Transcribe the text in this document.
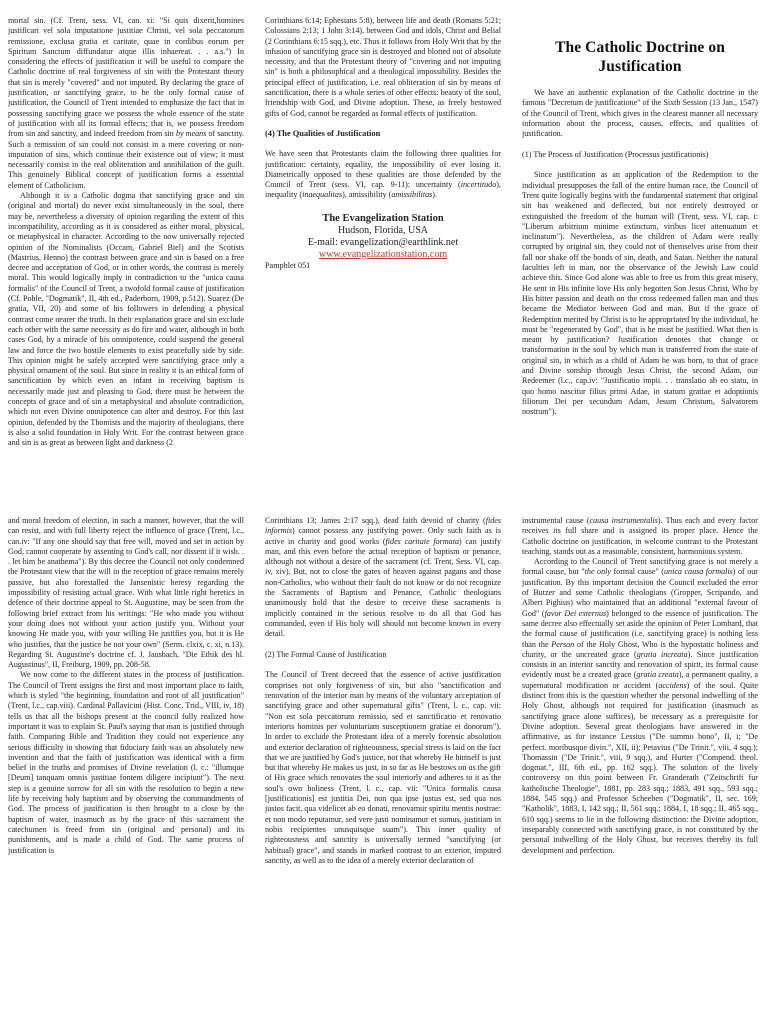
mortal sin. (Cf. Trent, sess. VI, can. xi: "Si quis dixerit,homines justificari vel sola imputatione justitiae Christi, vel sola peccatorum remissione, exclusa gratia et caritate, quae in cordibus eorum per Spiritum Sanctum diffundatur atque illis inhaereat. . . a.s.") In considering the effects of justification it will be useful to compare the Catholic doctrine of real forgiveness of sin with the Protestant theory that sin is merely "covered" and not imputed. By declaring the grace of justification, or sanctifying grace, to be the only formal cause of justification, the Council of Trent intended to emphasize the fact that in possessing sanctifying grace we possess the whole essence of the state of justification with all its formal effects; that is, we possess freedom from sin and sanctity, and indeed freedom from sin by means of sanctity. Such a remission of sin could not consist in a mere covering or non-imputation of sins, which continue their existence out of view; it must necessarily consist in the real obliteration and annihilation of the guilt. This genuinely Biblical concept of justification forms a essential element of Catholicism.

Although it is a Catholic dogma that sanctifying grace and sin (original and mortal) do never exist simultaneously in the soul, there may be, nevertheless a diversity of opinion regarding the extent of this incompatibility, according as it is considered as either moral, physical, or metaphysical in character. According to the now universally rejected opinion of the Nominalists (Occam, Gabriel Biel) and the Scotists (Mastrius, Henno) the contrast between grace and sin is based on a free decree and acceptation of God, or in other words, the contrast is merely moral. This would logically imply in contradiction to the "unica causa formalis" of the Council of Trent, a twofold formal cause of justification (Cf. Pohle, "Dogmatik", II, 4th ed., Paderborn, 1909, p.512). Suarez (De gratia, VII, 20) and some of his followers in defending a physical contrast come nearer the truth. In their explanation grace and sin exclude each other with the same necessity as do fire and water, although in both cases God, by a miracle of his omnipotence, could suspend the general law and force the two hostile elements to exist peacefully side by side. This opinion might be safely accepted were sanctifying grace only a physical ornament of the soul. But since in reality it is an ethical form of sanctification by which even an infant in receiving baptism is necessarily made just and pleasing to God, there must be between the concepts of grace and of sin a metaphysical and absolute contradiction, which not even Divine omnipotence can alter and destroy. For this last opinion, defended by the Thomists and the majority of theologians, there is also a solid foundation in Holy Writ. For the contrast between grace and sin is as great as between light and darkness (2

Corinthians 6:14; Ephesians 5:8), between life and death (Romans 5:21; Colossians 2:13; 1 John 3:14), between God and idols, Christ and Belial (2 Corinthians 6:15 sqq.), etc. Thus it follows from Holy Writ that by the infusion of sanctifying grace sin is destroyed and blotted out of absolute necessity, and that the Protestant theory of "covering and not imputing sin" is both a philosophical and a theological impossibility. Besides the principal effect of justification, i.e. real obliteration of sin by means of sanctification, there is a whole series of other effects: beauty of the soul, friendship with God, and Divine adoption. These, as freely bestowed gifts of God, cannot be regarded as formal effects of justification.

(4) The Qualities of Justification

We have seen that Protestants claim the following three qualities for justification: certainty, equality, the impossibility of ever losing it. Diametrically opposed to these qualities are those defended by the Council of Trent (sess. VI, cap. 9-11): uncertainty (incertitudo), inequality (inaequalitas), amissibility (amissibilitas).

The Evangelization Station
Hudson, Florida, USA
E-mail: evangelization@earthlink.net
www.evangelizationstation.com

Pamphlet 051

The Catholic Doctrine on Justification

We have an authentic explanation of the Catholic doctrine in the famous "Decretum de justificatione" of the Sixth Session (13 Jan., 1547) of the Council of Trent, which gives in the clearest manner all necessary information about the process, causes, effects, and qualities of justification.

(1) The Process of Justification (Processus justificationis)

Since justification as an application of the Redemption to the individual presupposes the fall of the entire human race, the Council of Trent quite logically begins with the fundamental statement that original sin has weakened and deflected, but not entirely destroyed or extinguished the freedom of the human will (Trent, sess. VI, cap. i: "Liberum arbitrium minime extinctum, viribus licet attenuatum et inclinatum"). Nevertheless, as the children of Adam were really corrupted by original sin, they could not of themselves arise from their fall nor shake off the bonds of sin, death, and Satan. Neither the natural faculties left in man, nor the observance of the Jewish Law could achieve this. Since God alone was able to free us from this great misery, He sent in His infinite love His only begotten Son Jesus Christ, Who by His bitter passion and death on the cross redeemed fallen man and thus became the Mediator between God and man. But if the grace of Redemption merited by Christ is to be appropriated by the individual, he must be "regenerated by God", that is he must be justified. What then is meant by justification? Justification denotes that change or transformation in the soul by which man is transferred from the state of original sin, in which as a child of Adam he was born, to that of grace and Divine sonship through Jesus Christ, the second Adam, our Redeemer (l.c., cap.iv: "Justificatio impii. . . translatio ab eo statu, in quo homo nascitur filius primi Adae, in statum gratiae et adoptionis filiorum Dei per secundum Adam, Jesum Christum, Salvatorem nostrum").

and moral freedom of election, in such a manner, however, that the will can resist, and with full liberty reject the influence of grace (Trent, l.c., can.iv: "If any one should say that free will, moved and set in action by God, cannot cooperate by assenting to God's call, nor dissent if it wish. . . let him be anathema"). By this decree the Council not only condemned the Protestant view that the will in the reception of grace remains merely passive, but also forestalled the Jansenistic heresy regarding the impossibility of resisting actual grace. With what little right heretics in defence of their doctrine appeal to St. Augustine, may be seen from the following brief extract from his writings: "He who made you without your doing does not without your action justify you. Without your knowing He made you, with your willing He justifies you, but it is He who justifies, that the justice be not your own" (Serm. clxix, c. xi, n.13). Regarding St. Augustine's doctrine cf. J. Jausbach, "Die Ethik des hl. Augustinus", II, Freiburg, 1909, pp. 208-58.

We now come to the different states in the process of justification. The Council of Trent assigns the first and most important place to faith, which is styled "the beginning, foundation and root of all justification" (Trent, l.c., cap.viii). Cardinal Pallavicini (Hist. Conc. Trid., VIII, iv, 18) tells us that all the bishops present at the council fully realized how important it was to explain St. Paul's saying that man is justified through faith. Comparing Bible and Tradition they could not experience any serious difficulty in showing that fiduciary faith was an absolutely new invention and that the faith of justification was identical with a firm belief in the truths and promises of Divine revelation (l. c.: "illumque [Deum] tanquam omnis justitiae fontem diligere incipiunt"). The next step is a genuine sorrow for all sin with the resolution to begin a new life by receiving holy baptism and by observing the commandments of God. The process of justification is then brought to a close by the baptism of water, inasmuch as by the grace of this sacrament the catechumen is freed from sin (original and personal) and its punishments, and is made a child of God. The same process of justification is

Corinthians 13; James 2:17 sqq.), dead faith devoid of charity (fides informis) cannot possess any justifying power. Only such faith as is active in charity and good works (fides caritate formata) can justify man, and this even before the actual reception of baptism or penance, although not without a desire of the sacrament (cf. Trent, Sess. VI, cap. iv, xiv). But, not to close the gates of heaven against pagans and those non-Catholics, who without their fault do not know or do not recognize the Sacraments of Baptism and Penance, Catholic theologians unanimously hold that the desire to receive these sacraments is implicitly contained in the serious resolve to do all that God has commanded, even if His holy will should not become known in every detail.

(2) The Formal Cause of Justification

The Council of Trent decreed that the essence of active justification comprises not only forgiveness of sin, but also "sanctification and renovation of the interior man by means of the voluntary acceptation of sanctifying grace and other supernatural gifts" (Trent, l. c., cap. vii: "Non est sola peccatorum remissio, sed et sanctificatio et renovatio interioris hominis per voluntariam susceptionem gratiae et donorum"). In order to exclude the Protestant idea of a merely forensic absolution and exterior declaration of righteousness, special stress is laid on the fact that we are justified by God's justice, not that whereby He himself is just but that whereby He makes us just, in so far as He bestows on us the gift of His grace which renovates the soul interiorly and adheres to it as the soul's own holiness (Trent, l. c., cap. vii: "Unica formalis causa [justificationis] est justitia Dei, non qua ipse justus est, sed qua nos justos facit, qua videlicet ab eo donati, renovamur spiritu mentis nostrae: et non modo reputamur, sed vere justi nominamur et sumus, justitiam in nobis recipientes unusquisque suam"). This inner quality of righteousness and sanctity is universally termed "sanctifying (or habitual) grace", and stands in marked contrast to an exterior, imputed sanctity, as well as to the idea of a merely exterior declaration of

instrumental cause (causa instrumentalis). Thus each and every factor receives its full share and is assigned its proper place. Hence the Catholic doctrine on justification, in welcome contrast to the Protestant teaching, stands out as a reasonable, consistent, harmonious system.

According to the Council of Trent sanctifying grace is not merely a formal cause, but "the only formal cause" (unica causa formalis) of our justification. By this important decision the Council excluded the error of Butzer and some Catholic theologians (Gropper, Scripando, and Albert Pighius) who maintained that an additional "external favour of God" (favor Dei externus) belonged to the essence of justification. The same decree also effectually set aside the opinion of Peter Lombard, that the formal cause of justification (i.e. sanctifying grace) is nothing less than the Person of the Holy Ghost, Who is the hypostatic holiness and charity, or the uncreated grace (gratia increata). Since justification consists in an interior sanctity and renovation of spirit, its formal cause evidently must be a created grace (gratia creata), a permanent quality, a supernatural modification or accident (accidens) of the soul. Quite distinct from this is the question whether the personal indwelling of the Holy Ghost, although not required for justification (inasmuch as sanctifying grace alone suffices), be necessary as a prerequisite for Divine adoption. Several great theologians have answered in the affirmative, as for instance Lessius ("De summo bono", II, i; "De perfect. moribusque divin.", XII, ii); Petavius ("De Trinit.", viii, 4 sqq.); Thomassin ("De Trinit.", viii, 9 sqq.), and Hurter ("Compend. theol. dogmat.", III, 6th ed., pp. 162 sqq.). The solution of the lively controversy on this point between Fr. Granderath ("Zeitschrift fur katholische Theologie", 1881, pp. 283 sqq.; 1883, 491 sqq., 593 sqq.; 1884, 545 sqq.) and Professor Scheeben ("Dogmatik", II, sec. 169; "Katholik", 1883, I, 142 sqq.; II, 561 sqq.; 1884, I, 18 sqq.; II, 465 sqq., 610 sqq.) seems to lie in the following distinction: the Divine adoption, inseparably connected with sanctifying grace, is not constituted by the personal indwelling of the Holy Ghost, but receives thereby its full development and perfection.
